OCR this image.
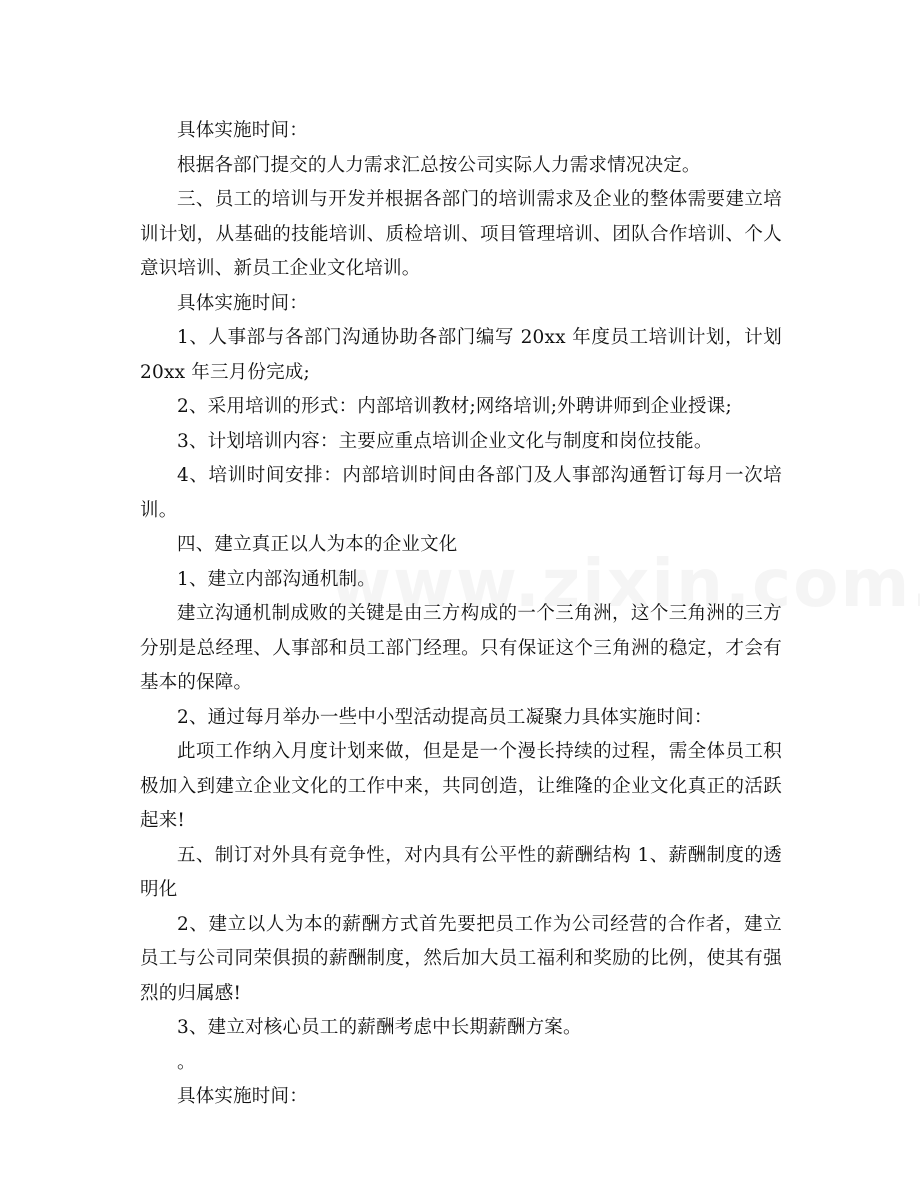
具体实施时间：

根据各部门提交的人力需求汇总按公司实际人力需求情况决定。

三、员工的培训与开发并根据各部门的培训需求及企业的整体需要建立培训计划，从基础的技能培训、质检培训、项目管理培训、团队合作培训、个人意识培训、新员工企业文化培训。

具体实施时间：

1、人事部与各部门沟通协助各部门编写 20xx 年度员工培训计划，计划 20xx 年三月份完成;

2、采用培训的形式：内部培训教材;网络培训;外聘讲师到企业授课;

3、计划培训内容：主要应重点培训企业文化与制度和岗位技能。

4、培训时间安排：内部培训时间由各部门及人事部沟通暂订每月一次培训。

四、建立真正以人为本的企业文化

1、建立内部沟通机制。

建立沟通机制成败的关键是由三方构成的一个三角洲，这个三角洲的三方分别是总经理、人事部和员工部门经理。只有保证这个三角洲的稳定，才会有基本的保障。

2、通过每月举办一些中小型活动提高员工凝聚力具体实施时间：

此项工作纳入月度计划来做，但是是一个漫长持续的过程，需全体员工积极加入到建立企业文化的工作中来，共同创造，让维隆的企业文化真正的活跃起来!

五、制订对外具有竞争性，对内具有公平性的薪酬结构 1、薪酬制度的透明化

2、建立以人为本的薪酬方式首先要把员工作为公司经营的合作者，建立员工与公司同荣俱损的薪酬制度，然后加大员工福利和奖励的比例，使其有强烈的归属感!

3、建立对核心员工的薪酬考虑中长期薪酬方案。

。

具体实施时间：
